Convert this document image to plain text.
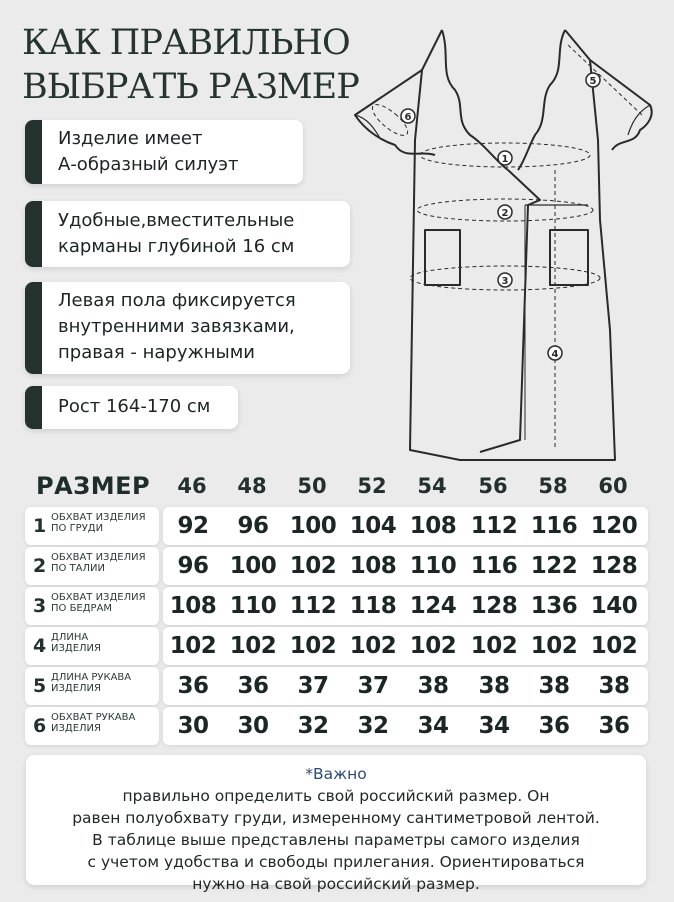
КАК ПРАВИЛЬНО
ВЫБРАТЬ РАЗМЕР
Изделие имеет
А-образный силуэт
Удобные,вместительные
карманы глубиной 16 см
Левая пола фиксируется
внутренними завязками,
правая - наружными
Рост 164-170 см
1
2
3
4
5
6
РАЗМЕР	46	48	50	52	54	56	58	60
1 ОБХВАТ ИЗДЕЛИЯ
ПО ГРУДИ	92	96 100 104 108 112 116 120
2 ОБХВАТ ИЗДЕЛИЯ
ПО ТАЛИИ	96 100 102 108 110 116 122 128
3 ОБХВАТ ИЗДЕЛИЯ
ПО БЕДРАМ	108 110 112 118 124 128 136 140
4 ДЛИНА
ИЗДЕЛИЯ	102 102 102 102 102 102 102 102
5 ДЛИНА РУКАВА
ИЗДЕЛИЯ	36	36	37	37	38	38	38	38
6 ОБХВАТ РУКАВА
ИЗДЕЛИЯ	30	30	32	32	34	34	36	36
*Важно
правильно определить свой российский размер. Он
равен полуобхвату груди, измеренному сантиметровой лентой.
В таблице выше представлены параметры самого изделия
с учетом удобства и свободы прилегания. Ориентироваться
нужно на свой российский размер.
